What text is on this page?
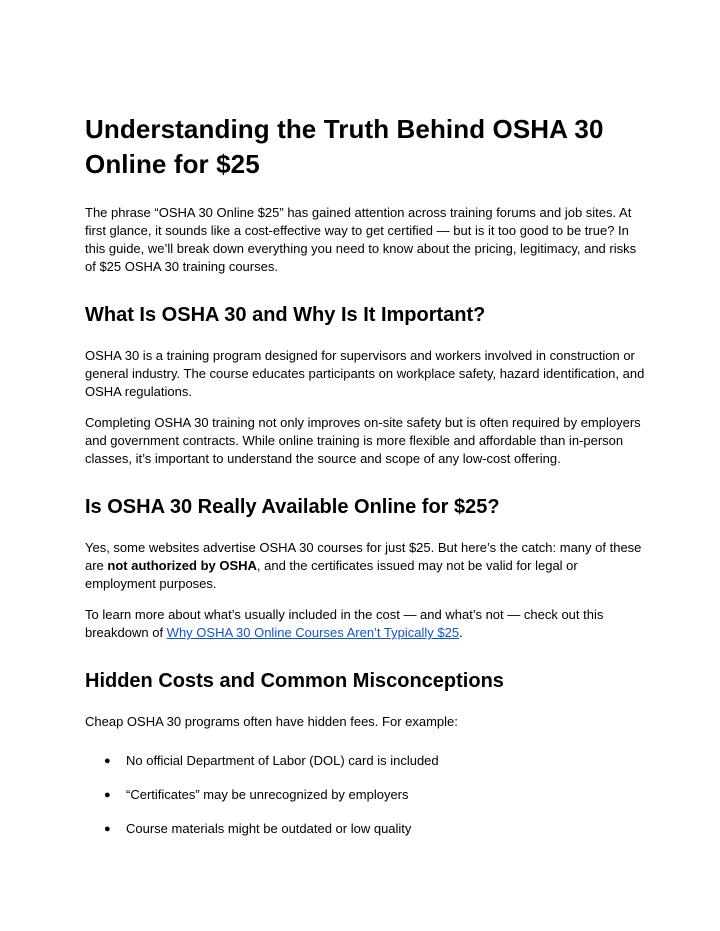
Understanding the Truth Behind OSHA 30 Online for $25

The phrase “OSHA 30 Online $25” has gained attention across training forums and job sites. At first glance, it sounds like a cost-effective way to get certified — but is it too good to be true? In this guide, we’ll break down everything you need to know about the pricing, legitimacy, and risks of $25 OSHA 30 training courses.

What Is OSHA 30 and Why Is It Important?

OSHA 30 is a training program designed for supervisors and workers involved in construction or general industry. The course educates participants on workplace safety, hazard identification, and OSHA regulations.

Completing OSHA 30 training not only improves on-site safety but is often required by employers and government contracts. While online training is more flexible and affordable than in-person classes, it’s important to understand the source and scope of any low-cost offering.

Is OSHA 30 Really Available Online for $25?

Yes, some websites advertise OSHA 30 courses for just $25. But here’s the catch: many of these are not authorized by OSHA, and the certificates issued may not be valid for legal or employment purposes.

To learn more about what’s usually included in the cost — and what’s not — check out this breakdown of Why OSHA 30 Online Courses Aren’t Typically $25.

Hidden Costs and Common Misconceptions

Cheap OSHA 30 programs often have hidden fees. For example:

● No official Department of Labor (DOL) card is included
● “Certificates” may be unrecognized by employers
● Course materials might be outdated or low quality
